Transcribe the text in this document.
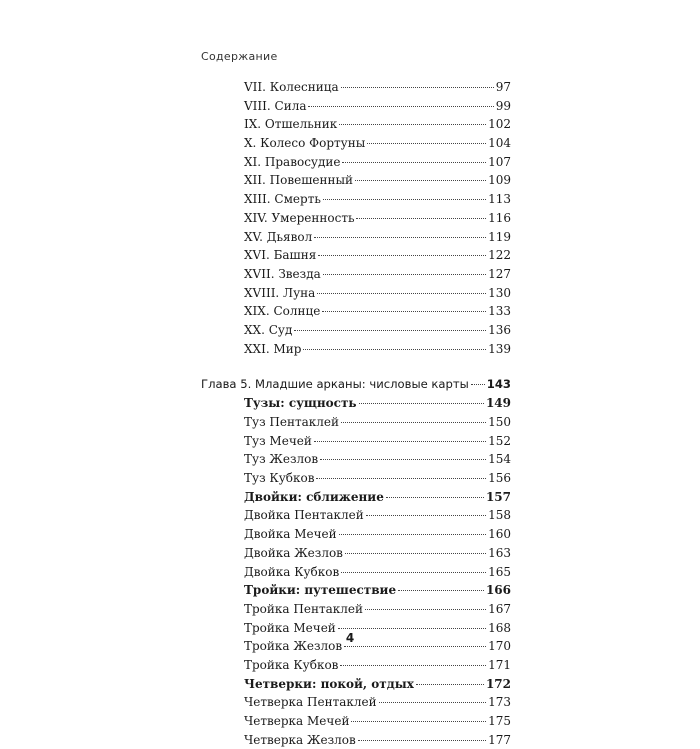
Содержание
VII. Колесница	97
VIII. Сила	99
IX. Отшельник	102
X. Колесо Фортуны	104
XI. Правосудие	107
XII. Повешенный	109
XIII. Смерть	113
XIV. Умеренность	116
XV. Дьявол	119
XVI. Башня	122
XVII. Звезда	127
XVIII. Луна	130
XIX. Солнце	133
XX. Суд	136
XXI. Мир	139
Глава 5. Младшие арканы: числовые карты 143
Тузы: сущность	149
Туз Пентаклей	150
Туз Мечей	152
Туз Жезлов	154
Туз Кубков	156
Двойки: сближение	157
Двойка Пентаклей	158
Двойка Мечей	160
Двойка Жезлов	163
Двойка Кубков	165
Тройки: путешествие	166
Тройка Пентаклей	167
Тройка Мечей	168
Тройка Жезлов	170
Тройка Кубков	171
Четверки: покой, отдых	172
Четверка Пентаклей	173
Четверка Мечей	175
Четверка Жезлов	177
4
